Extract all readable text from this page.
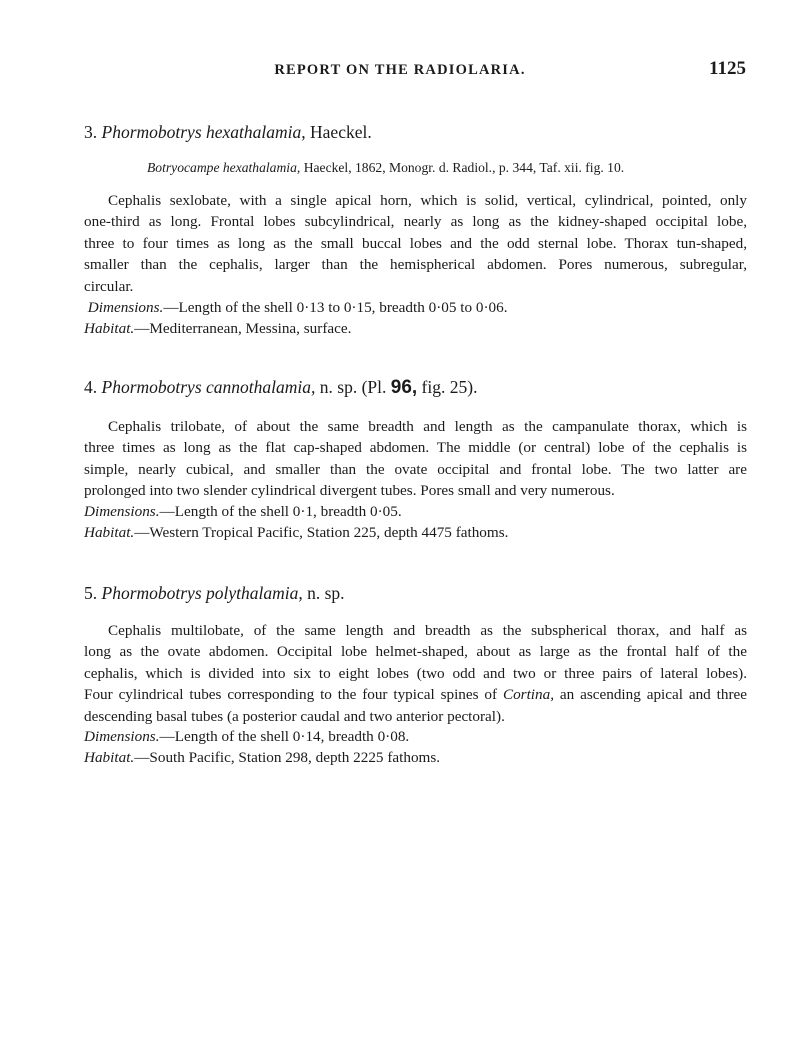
REPORT ON THE RADIOLARIA.	1125
3. Phormobotrys hexathalamia, Haeckel.
Botryocampe hexathalamia, Haeckel, 1862, Monogr. d. Radiol., p. 344, Taf. xii. fig. 10.
Cephalis sexlobate, with a single apical horn, which is solid, vertical, cylindrical, pointed, only
one-third as long. Frontal lobes subcylindrical, nearly as long as the kidney-shaped occipital lobe,
three to four times as long as the small buccal lobes and the odd sternal lobe. Thorax tun-shaped,
smaller than the cephalis, larger than the hemispherical abdomen. Pores numerous, subregular,
circular.
Dimensions.—Length of the shell 0·13 to 0·15, breadth 0·05 to 0·06.
Habitat.—Mediterranean, Messina, surface.
4. Phormobotrys cannothalamia, n. sp. (Pl. 96, fig. 25).
Cephalis trilobate, of about the same breadth and length as the campanulate thorax, which is
three times as long as the flat cap-shaped abdomen. The middle (or central) lobe of the cephalis is
simple, nearly cubical, and smaller than the ovate occipital and frontal lobe. The two latter are
prolonged into two slender cylindrical divergent tubes. Pores small and very numerous.
Dimensions.—Length of the shell 0·1, breadth 0·05.
Habitat.—Western Tropical Pacific, Station 225, depth 4475 fathoms.
5. Phormobotrys polythalamia, n. sp.
Cephalis multilobate, of the same length and breadth as the subspherical thorax, and half as
long as the ovate abdomen. Occipital lobe helmet-shaped, about as large as the frontal half of the
cephalis, which is divided into six to eight lobes (two odd and two or three pairs of lateral lobes).
Four cylindrical tubes corresponding to the four typical spines of Cortina, an ascending apical and three
descending basal tubes (a posterior caudal and two anterior pectoral).
Dimensions.—Length of the shell 0·14, breadth 0·08.
Habitat.—South Pacific, Station 298, depth 2225 fathoms.
